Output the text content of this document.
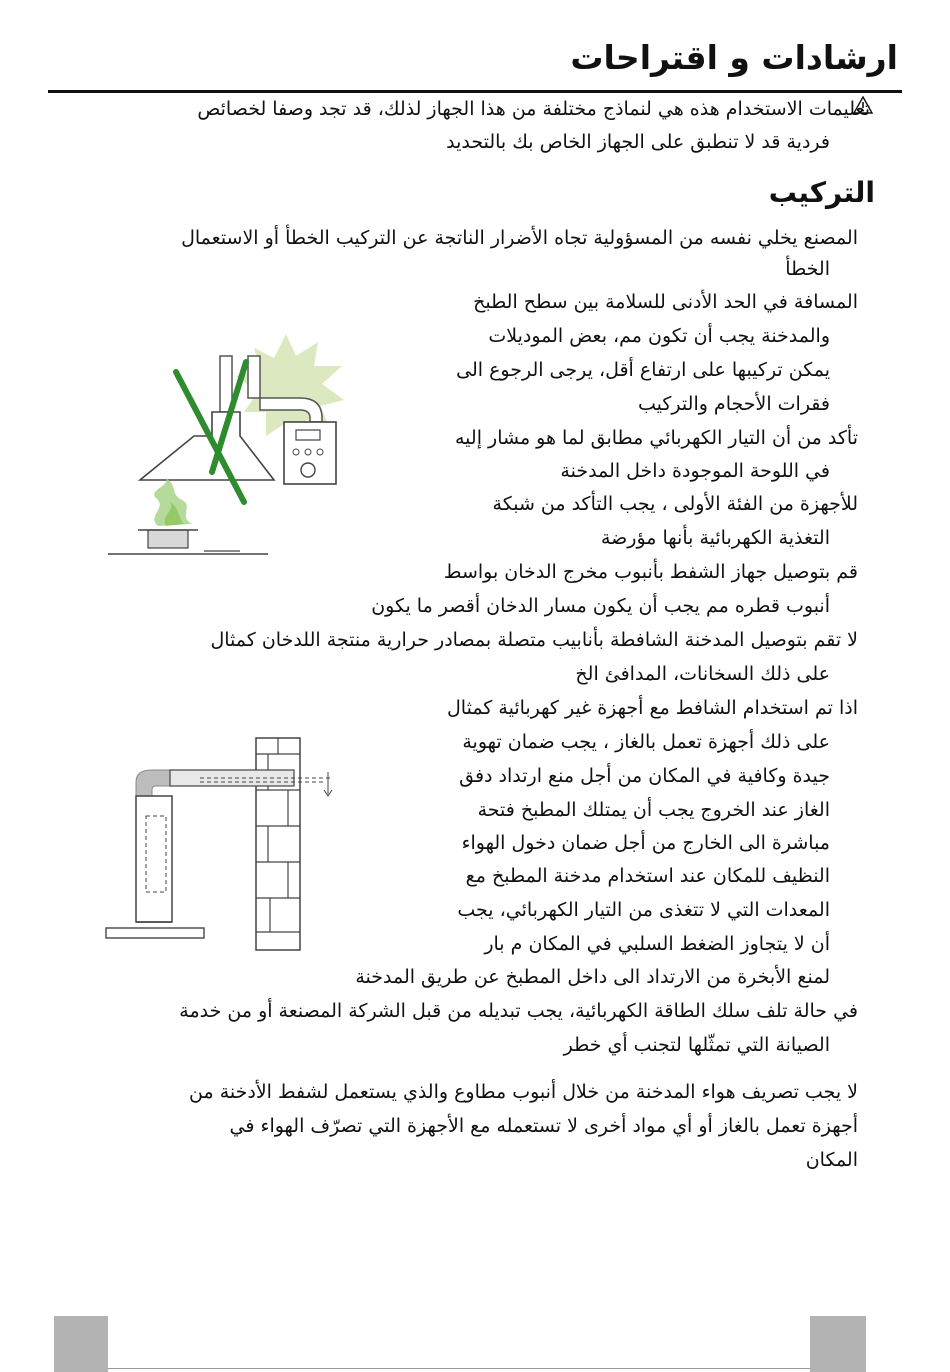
ارشادات و اقتراحات
تعليمات الاستخدام هذه هي لنماذج مختلفة من هذا الجهاز لذلك، قد تجد وصفا لخصائص
فردية قد لا تنطبق على الجهاز الخاص بك بالتحديد
التركيب
المصنع يخلي نفسه من المسؤولية تجاه الأضرار الناتجة عن التركيب الخطأ أو الاستعمال
الخطأ
المسافة في الحد الأدنى للسلامة بين سطح الطبخ
والمدخنة يجب أن تكون مم، بعض الموديلات
يمكن تركيبها على ارتفاع أقل، يرجى الرجوع الى
فقرات الأحجام والتركيب
تأكد من أن التيار الكهربائي مطابق لما هو مشار إليه
في اللوحة الموجودة داخل المدخنة
للأجهزة من الفئة الأولى ، يجب التأكد من شبكة
التغذية الكهربائية بأنها مؤرضة
قم بتوصيل جهاز الشفط بأنبوب مخرج الدخان بواسط
أنبوب قطره مم يجب أن يكون مسار الدخان أقصر ما يكون
لا تقم بتوصيل المدخنة الشافطة بأنابيب متصلة بمصادر حرارية منتجة اللدخان كمثال
على ذلك السخانات، المدافئ الخ
اذا تم استخدام الشافط مع أجهزة غير كهربائية كمثال
على ذلك أجهزة تعمل بالغاز ، يجب ضمان تهوية
جيدة وكافية في المكان من أجل منع ارتداد دفق
الغاز عند الخروج يجب أن يمتلك المطبخ فتحة
مباشرة الى الخارج من أجل ضمان دخول الهواء
النظيف للمكان عند استخدام مدخنة المطبخ مع
المعدات التي لا تتغذى من التيار الكهربائي، يجب
أن لا يتجاوز الضغط السلبي في المكان م بار
لمنع الأبخرة من الارتداد الى داخل المطبخ عن طريق المدخنة
في حالة تلف سلك الطاقة الكهربائية، يجب تبديله من قبل الشركة المصنعة أو من خدمة
الصيانة التي تمثّلها لتجنب أي خطر
لا يجب تصريف هواء المدخنة من خلال أنبوب مطاوع والذي يستعمل لشفط الأدخنة من
أجهزة تعمل بالغاز أو أي مواد أخرى لا تستعمله مع الأجهزة التي تصرّف الهواء في
المكان
